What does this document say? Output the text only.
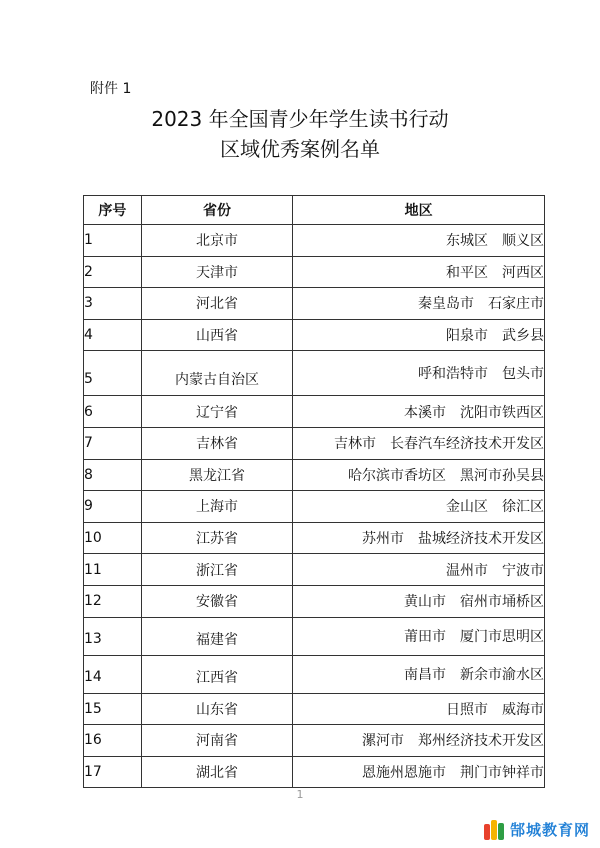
附件 1
2023 年全国青少年学生读书行动
区域优秀案例名单
序号	省份	地区
1	北京市	东城区　顺义区
2	天津市	和平区　河西区
3	河北省	秦皇岛市　石家庄市
4	山西省	阳泉市　武乡县
5	内蒙古自治区	呼和浩特市　包头市
6	辽宁省	本溪市　沈阳市铁西区
7	吉林省	吉林市　长春汽车经济技术开发区
8	黑龙江省	哈尔滨市香坊区　黑河市孙吴县
9	上海市	金山区　徐汇区
10	江苏省	苏州市　盐城经济技术开发区
11	浙江省	温州市　宁波市
12	安徽省	黄山市　宿州市埇桥区
13	福建省	莆田市　厦门市思明区
14	江西省	南昌市　新余市渝水区
15	山东省	日照市　威海市
16	河南省	漯河市　郑州经济技术开发区
17	湖北省	恩施州恩施市　荆门市钟祥市
1
郜城教育网
